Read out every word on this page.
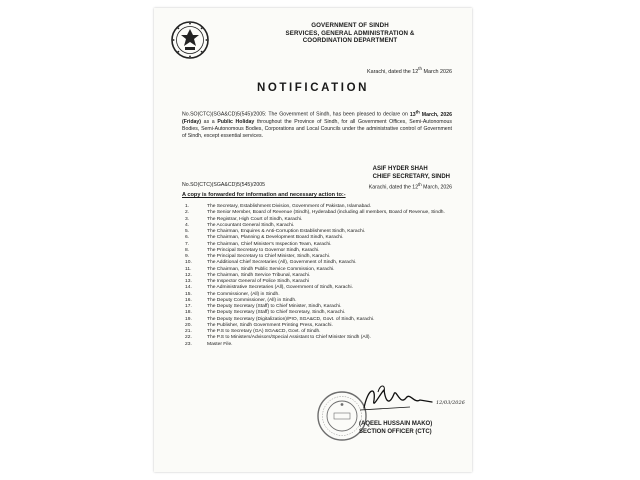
GOVERNMENT OF SINDH
SERVICES, GENERAL ADMINISTRATION &
COORDINATION DEPARTMENT
Karachi, dated the 12th March 2026
NOTIFICATION
No.SO(CTC)(SGA&CD)5(545)/2005: The Government of Sindh, has been pleased to declare on 13th March, 2026 (Friday) as a Public Holiday throughout the Province of Sindh, for all Government Offices, Semi-Autonomous Bodies, Semi-Autonomous Bodies, Corporations and Local Councils under the administrative control of Government of Sindh, except essential services.
ASIF HYDER SHAH
CHIEF SECRETARY, SINDH
No.SO(CTC)(SGA&CD)5(545)/2005	Karachi, dated the 12th March, 2026
A copy is forwarded for information and necessary action to:-
1.	The Secretary, Establishment Division, Government of Pakistan, Islamabad.
2.	The Senior Member, Board of Revenue (Sindh), Hyderabad (including all members, Board of Revenue, Sindh.
3.	The Registrar, High Court of Sindh, Karachi.
4.	The Accountant General Sindh, Karachi.
5.	The Chairman, Enquires & Anti-Corruption Establishment Sindh, Karachi.
6.	The Chairman, Planning & Development Board Sindh, Karachi.
7.	The Chairman, Chief Minister's Inspection Team, Karachi.
8.	The Principal Secretary to Governor Sindh, Karachi.
9.	The Principal Secretary to Chief Minister, Sindh, Karachi.
10.	The Additional Chief Secretaries (All), Government of Sindh, Karachi.
11.	The Chairman, Sindh Public Service Commission, Karachi.
12.	The Chairman, Sindh Service Tribunal, Karachi.
13.	The Inspector General of Police Sindh, Karachi
14.	The Administrative Secretaries (All), Government of Sindh, Karachi.
15.	The Commissioner, (All) in Sindh.
16.	The Deputy Commissioner, (All) in Sindh.
17.	The Deputy Secretary (Staff) to Chief Minister, Sindh, Karachi.
18.	The Deputy Secretary (Staff) to Chief Secretary, Sindh, Karachi.
19.	The Deputy Secretary (Digitalization)/PIO, SGA&CD, Govt. of Sindh, Karachi.
20.	The Publisher, Sindh Government Printing Press, Karachi.
21.	The P.S to Secretary (GA) SGA&CD, Govt. of Sindh.
22.	The P.S to Ministers/Advisors/Special Assistant to Chief Minister Sindh (All).
23.	Master File.
12/03/2026
(AQEEL HUSSAIN MAKO)
SECTION OFFICER (CTC)
